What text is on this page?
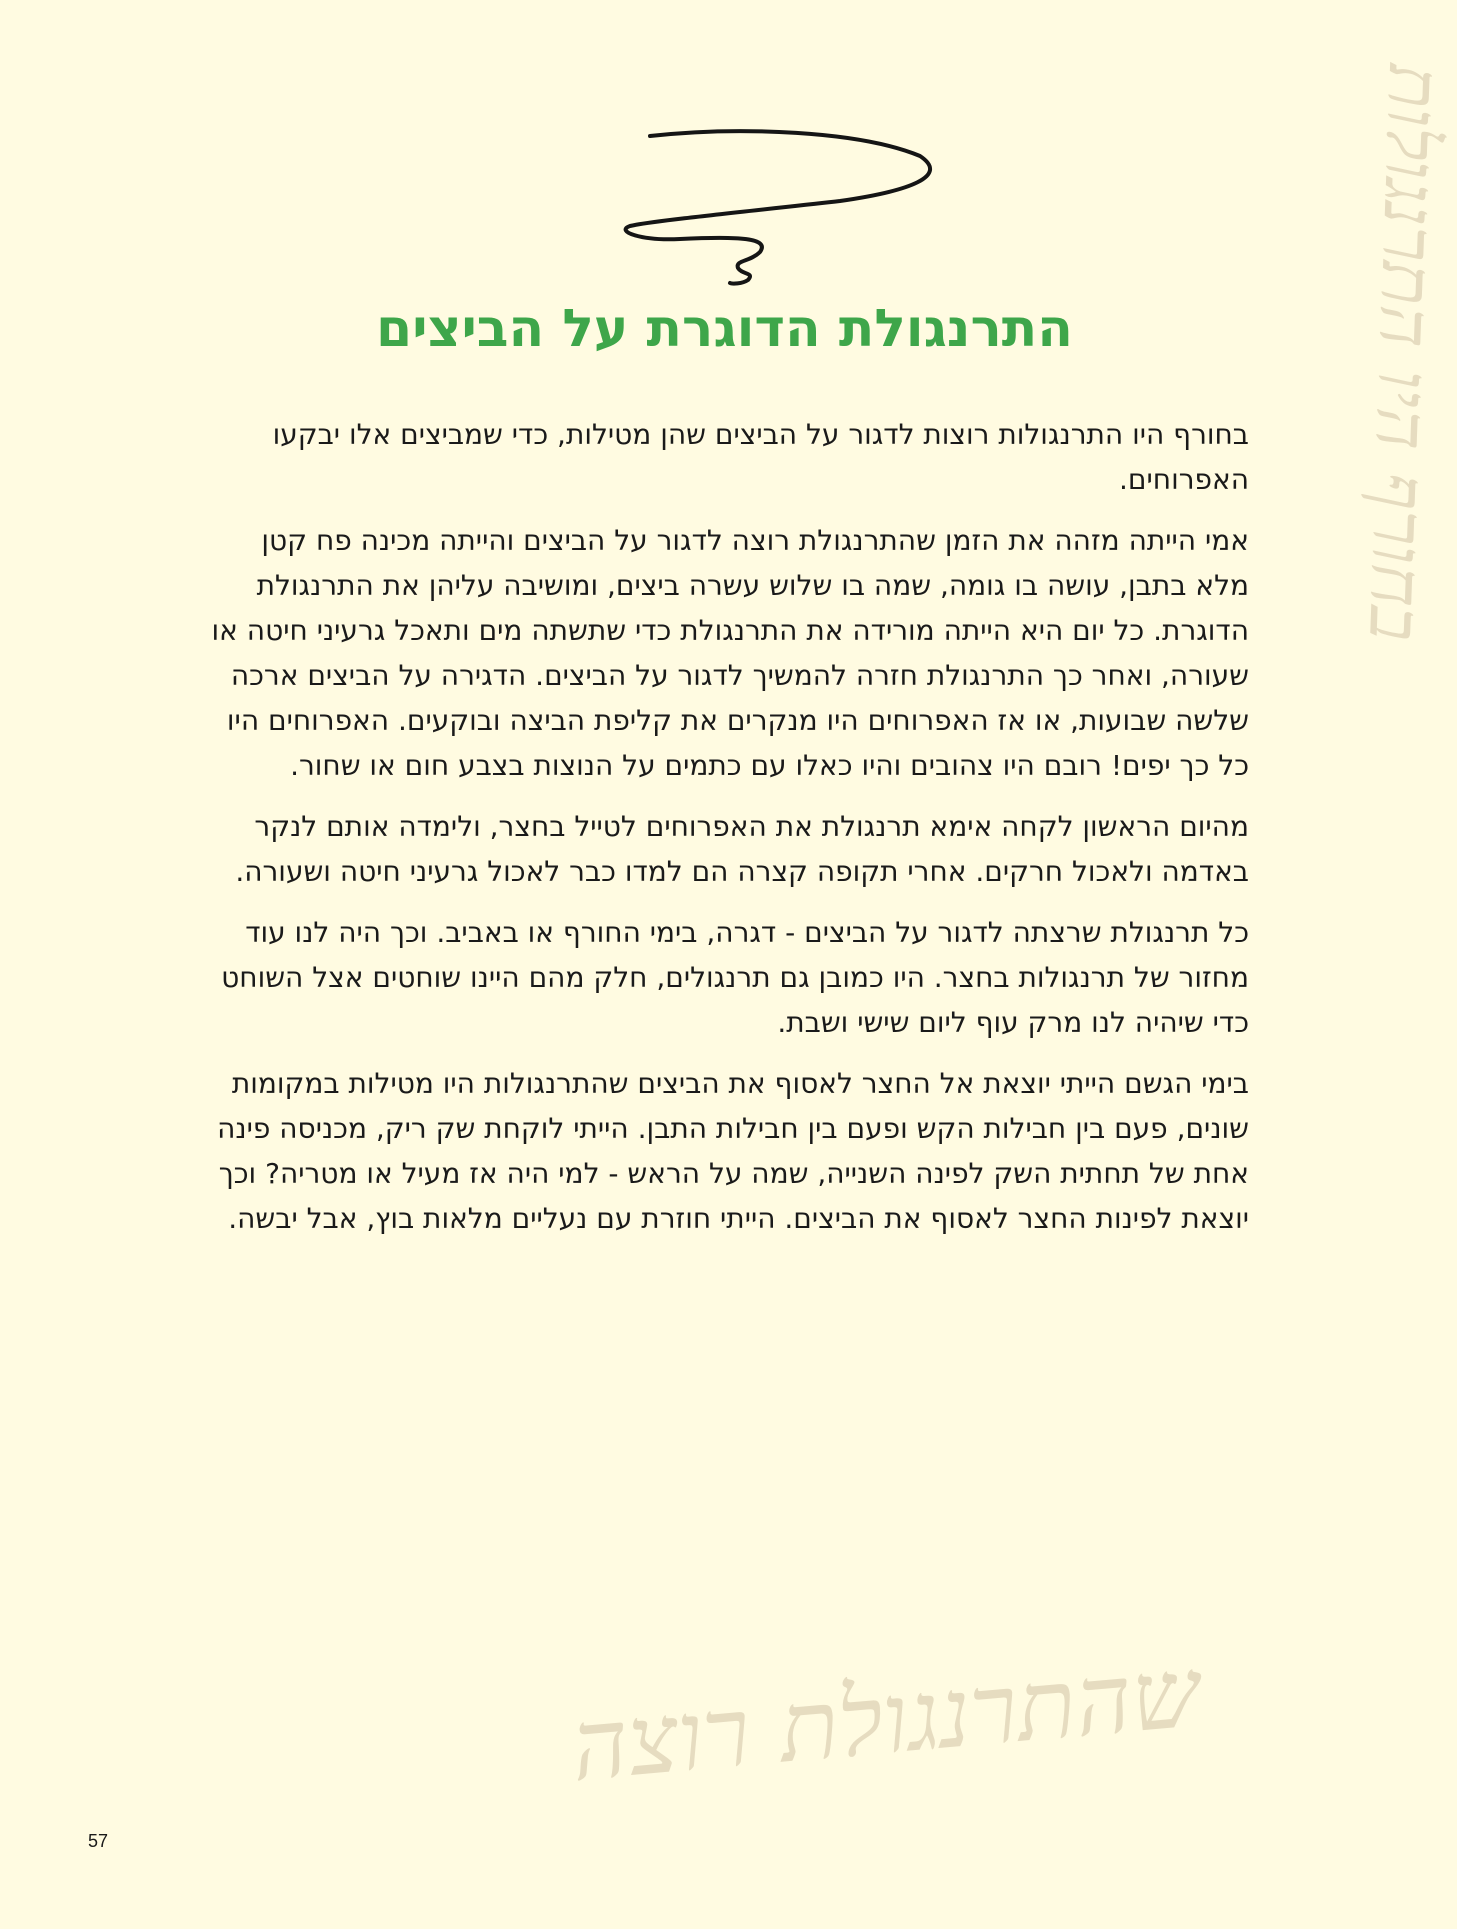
שהתרנגולת רוצה
בחורף היו התרנגולות
התרנגולת הדוגרת על הביצים

בחורף היו התרנגולות רוצות לדגור על הביצים שהן מטילות, כדי שמביצים אלו יבקעו האפרוחים.

אמי הייתה מזהה את הזמן שהתרנגולת רוצה לדגור על הביצים והייתה מכינה פח קטן מלא בתבן, עושה בו גומה, שמה בו שלוש עשרה ביצים, ומושיבה עליהן את התרנגולת הדוגרת. כל יום היא הייתה מורידה את התרנגולת כדי שתשתה מים ותאכל גרעיני חיטה או שעורה, ואחר כך התרנגולת חזרה להמשיך לדגור על הביצים. הדגירה על הביצים ארכה שלשה שבועות, או אז האפרוחים היו מנקרים את קליפת הביצה ובוקעים. האפרוחים היו כל כך יפים! רובם היו צהובים והיו כאלו עם כתמים על הנוצות בצבע חום או שחור.

מהיום הראשון לקחה אימא תרנגולת את האפרוחים לטייל בחצר, ולימדה אותם לנקר באדמה ולאכול חרקים. אחרי תקופה קצרה הם למדו כבר לאכול גרעיני חיטה ושעורה.

כל תרנגולת שרצתה לדגור על הביצים - דגרה, בימי החורף או באביב. וכך היה לנו עוד מחזור של תרנגולות בחצר. היו כמובן גם תרנגולים, חלק מהם היינו שוחטים אצל השוחט כדי שיהיה לנו מרק עוף ליום שישי ושבת.

בימי הגשם הייתי יוצאת אל החצר לאסוף את הביצים שהתרנגולות היו מטילות במקומות שונים, פעם בין חבילות הקש ופעם בין חבילות התבן. הייתי לוקחת שק ריק, מכניסה פינה אחת של תחתית השק לפינה השנייה, שמה על הראש - למי היה אז מעיל או מטריה? וכך יוצאת לפינות החצר לאסוף את הביצים. הייתי חוזרת עם נעליים מלאות בוץ, אבל יבשה.

57
